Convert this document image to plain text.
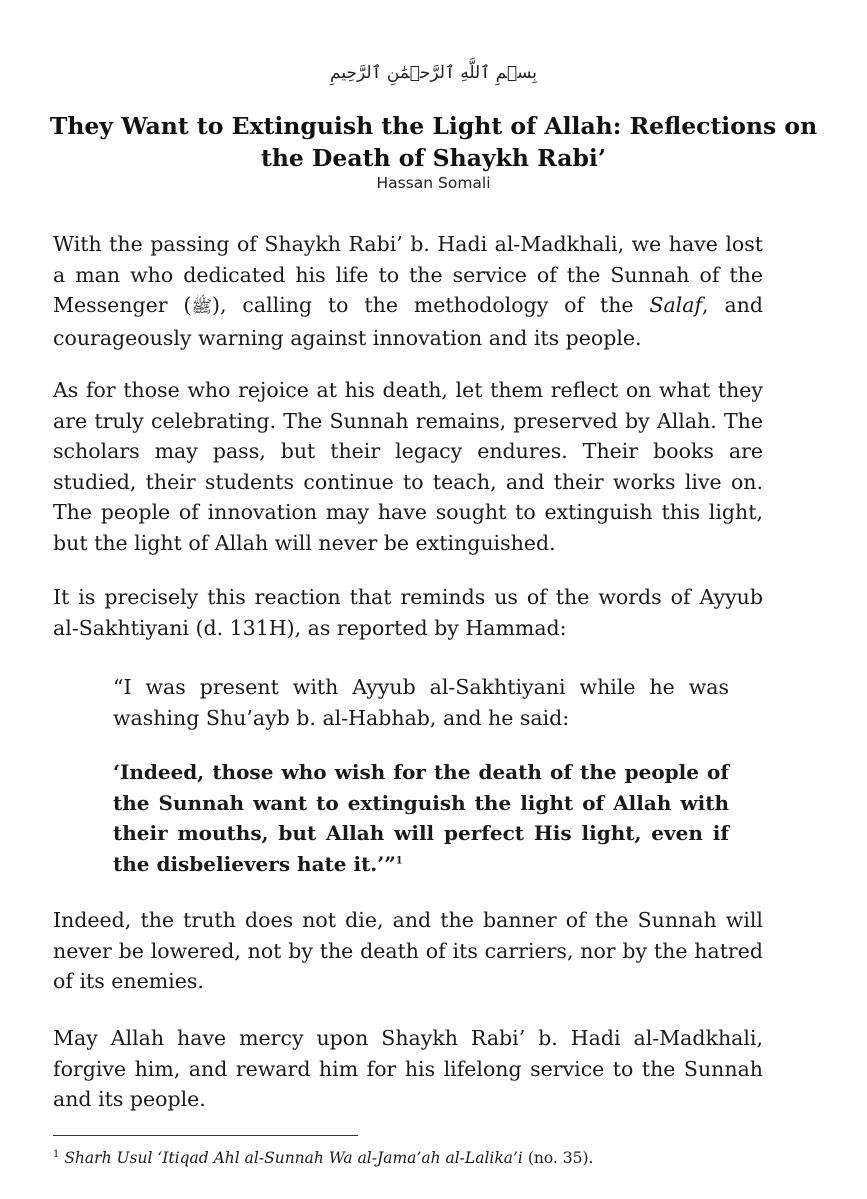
بِسۡمِ ٱللَّهِ ٱلرَّحۡمَٰنِ ٱلرَّحِيمِ
They Want to Extinguish the Light of Allah: Reflections on the Death of Shaykh Rabi’
Hassan Somali

With the passing of Shaykh Rabi’ b. Hadi al-Madkhali, we have lost a man who dedicated his life to the service of the Sunnah of the Messenger (ﷺ), calling to the methodology of the Salaf, and courageously warning against innovation and its people.

As for those who rejoice at his death, let them reflect on what they are truly celebrating. The Sunnah remains, preserved by Allah. The scholars may pass, but their legacy endures. Their books are studied, their students continue to teach, and their works live on. The people of innovation may have sought to extinguish this light, but the light of Allah will never be extinguished.

It is precisely this reaction that reminds us of the words of Ayyub al-Sakhtiyani (d. 131H), as reported by Hammad:

“I was present with Ayyub al-Sakhtiyani while he was washing Shu’ayb b. al-Habhab, and he said:

‘Indeed, those who wish for the death of the people of the Sunnah want to extinguish the light of Allah with their mouths, but Allah will perfect His light, even if the disbelievers hate it.’”$^1$

Indeed, the truth does not die, and the banner of the Sunnah will never be lowered, not by the death of its carriers, nor by the hatred of its enemies.

May Allah have mercy upon Shaykh Rabi’ b. Hadi al-Madkhali, forgive him, and reward him for his lifelong service to the Sunnah and its people.

$^1$ Sharh Usul ‘Itiqad Ahl al-Sunnah Wa al-Jama’ah al-Lalika’i (no. 35).
